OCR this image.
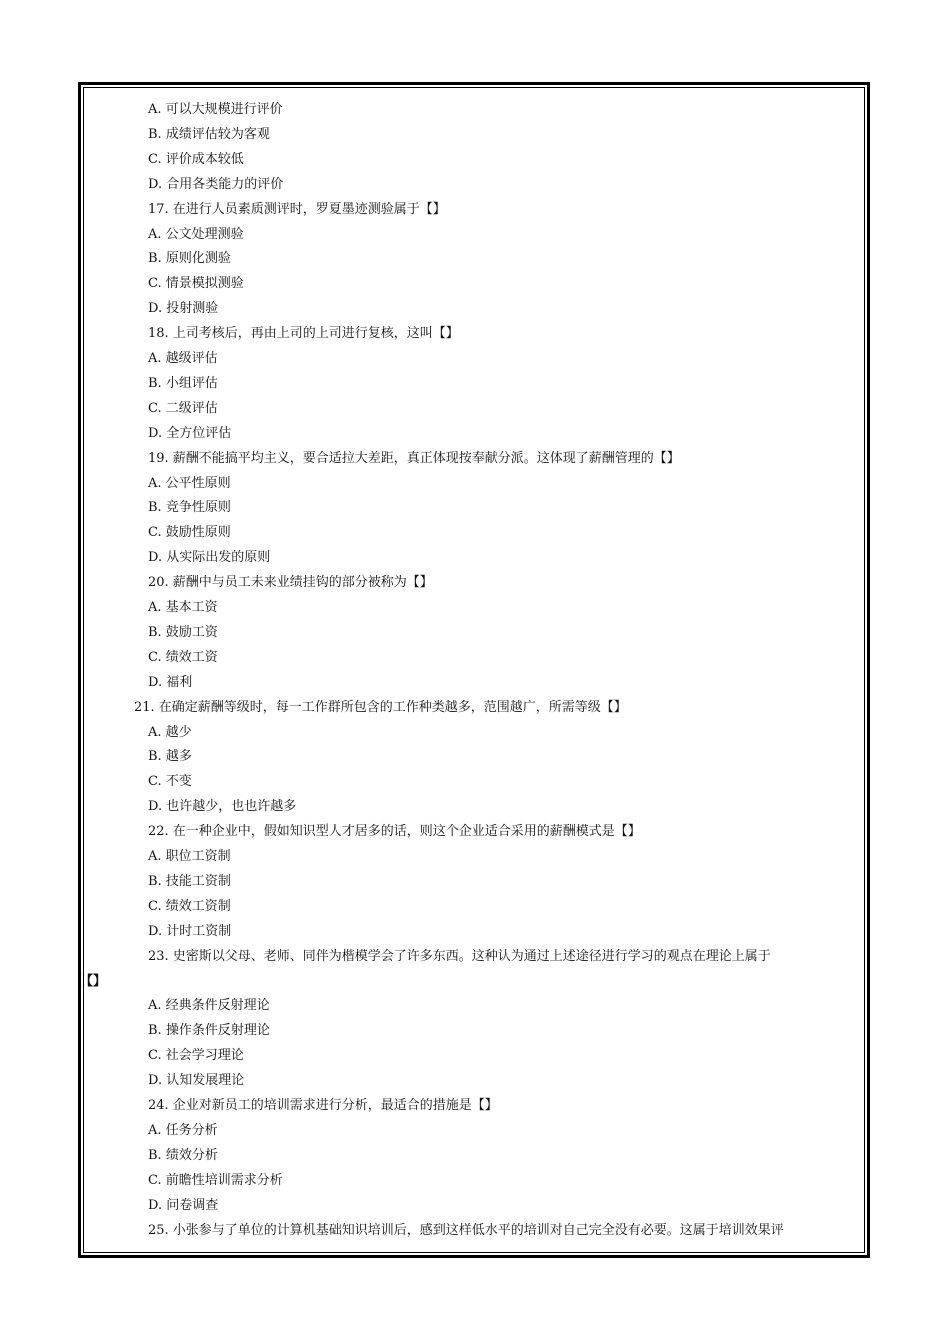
A. 可以大规模进行评价
B. 成绩评估较为客观
C. 评价成本较低
D. 合用各类能力的评价
17. 在进行人员素质测评时，罗夏墨迹测验属于【】
A. 公文处理测验
B. 原则化测验
C. 情景模拟测验
D. 投射测验
18. 上司考核后，再由上司的上司进行复核，这叫【】
A. 越级评估
B. 小组评估
C. 二级评估
D. 全方位评估
19. 薪酬不能搞平均主义，要合适拉大差距，真正体现按奉献分派。这体现了薪酬管理的【】
A. 公平性原则
B. 竞争性原则
C. 鼓励性原则
D. 从实际出发的原则
20. 薪酬中与员工未来业绩挂钩的部分被称为【】
A. 基本工资
B. 鼓励工资
C. 绩效工资
D. 福利
21. 在确定薪酬等级时，每一工作群所包含的工作种类越多，范围越广，所需等级【】
A. 越少
B. 越多
C. 不变
D. 也许越少，也也许越多
22. 在一种企业中，假如知识型人才居多的话，则这个企业适合采用的薪酬模式是【】
A. 职位工资制
B. 技能工资制
C. 绩效工资制
D. 计时工资制
23. 史密斯以父母、老师、同伴为楷模学会了许多东西。这种认为通过上述途径进行学习的观点在理论上属于
【】
A. 经典条件反射理论
B. 操作条件反射理论
C. 社会学习理论
D. 认知发展理论
24. 企业对新员工的培训需求进行分析，最适合的措施是【】
A. 任务分析
B. 绩效分析
C. 前瞻性培训需求分析
D. 问卷调查
25. 小张参与了单位的计算机基础知识培训后，感到这样低水平的培训对自己完全没有必要。这属于培训效果评
